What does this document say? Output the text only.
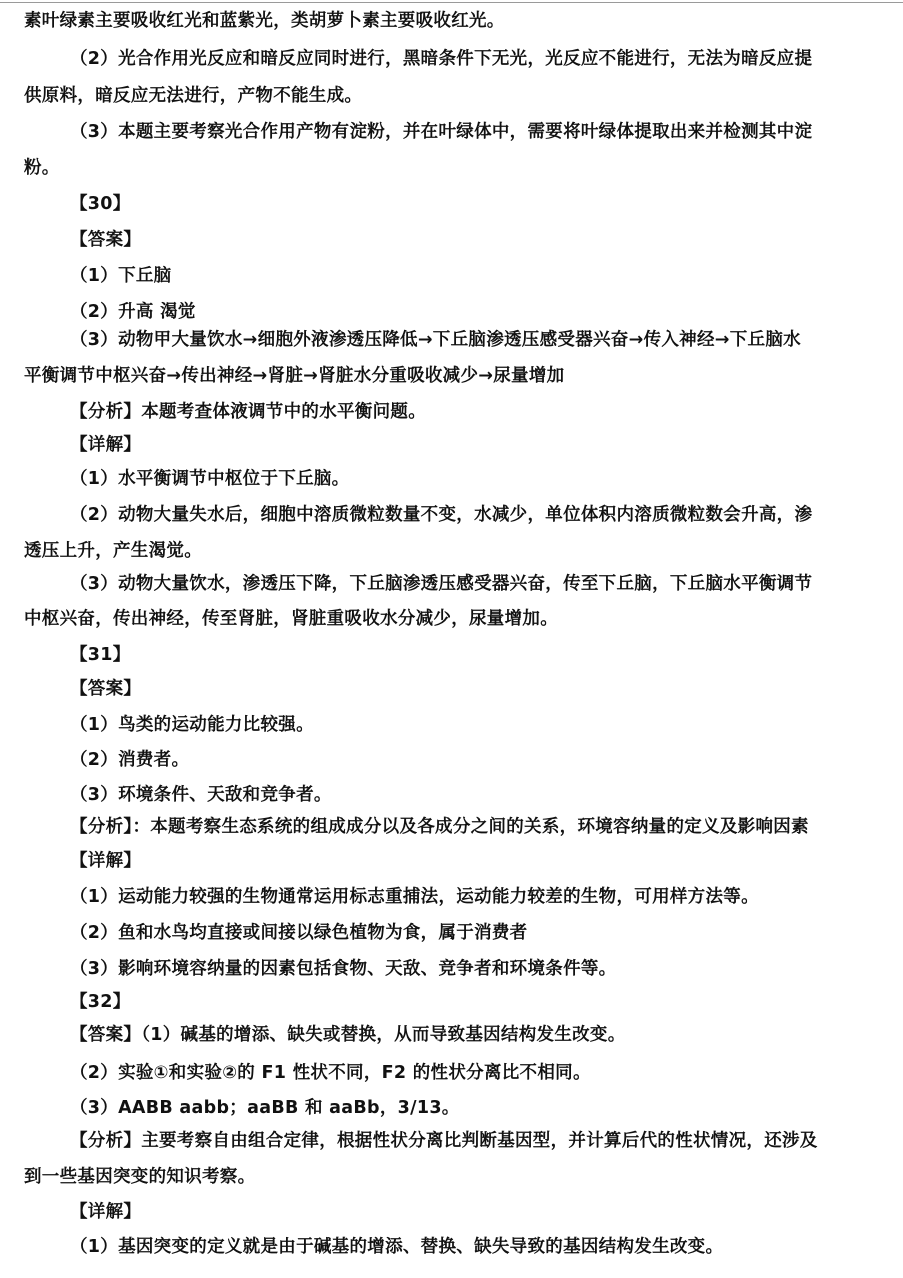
素叶绿素主要吸收红光和蓝紫光，类胡萝卜素主要吸收红光。
（2）光合作用光反应和暗反应同时进行，黑暗条件下无光，光反应不能进行，无法为暗反应提
供原料，暗反应无法进行，产物不能生成。
（3）本题主要考察光合作用产物有淀粉，并在叶绿体中，需要将叶绿体提取出来并检测其中淀
粉。
【30】
【答案】
（1）下丘脑
（2）升高 渴觉
（3）动物甲大量饮水→细胞外液渗透压降低→下丘脑渗透压感受器兴奋→传入神经→下丘脑水
平衡调节中枢兴奋→传出神经→肾脏→肾脏水分重吸收减少→尿量增加
【分析】本题考查体液调节中的水平衡问题。
【详解】
（1）水平衡调节中枢位于下丘脑。
（2）动物大量失水后，细胞中溶质微粒数量不变，水减少，单位体积内溶质微粒数会升高，渗
透压上升，产生渴觉。
（3）动物大量饮水，渗透压下降，下丘脑渗透压感受器兴奋，传至下丘脑，下丘脑水平衡调节
中枢兴奋，传出神经，传至肾脏，肾脏重吸收水分减少，尿量增加。
【31】
【答案】
（1）鸟类的运动能力比较强。
（2）消费者。
（3）环境条件、天敌和竞争者。
【分析】：本题考察生态系统的组成成分以及各成分之间的关系，环境容纳量的定义及影响因素
【详解】
（1）运动能力较强的生物通常运用标志重捕法，运动能力较差的生物，可用样方法等。
（2）鱼和水鸟均直接或间接以绿色植物为食，属于消费者
（3）影响环境容纳量的因素包括食物、天敌、竞争者和环境条件等。
【32】
【答案】（1）碱基的增添、缺失或替换，从而导致基因结构发生改变。
（2）实验①和实验②的 F1 性状不同，F2 的性状分离比不相同。
（3）AABB aabb；aaBB 和 aaBb，3/13。
【分析】主要考察自由组合定律，根据性状分离比判断基因型，并计算后代的性状情况，还涉及
到一些基因突变的知识考察。
【详解】
（1）基因突变的定义就是由于碱基的增添、替换、缺失导致的基因结构发生改变。
